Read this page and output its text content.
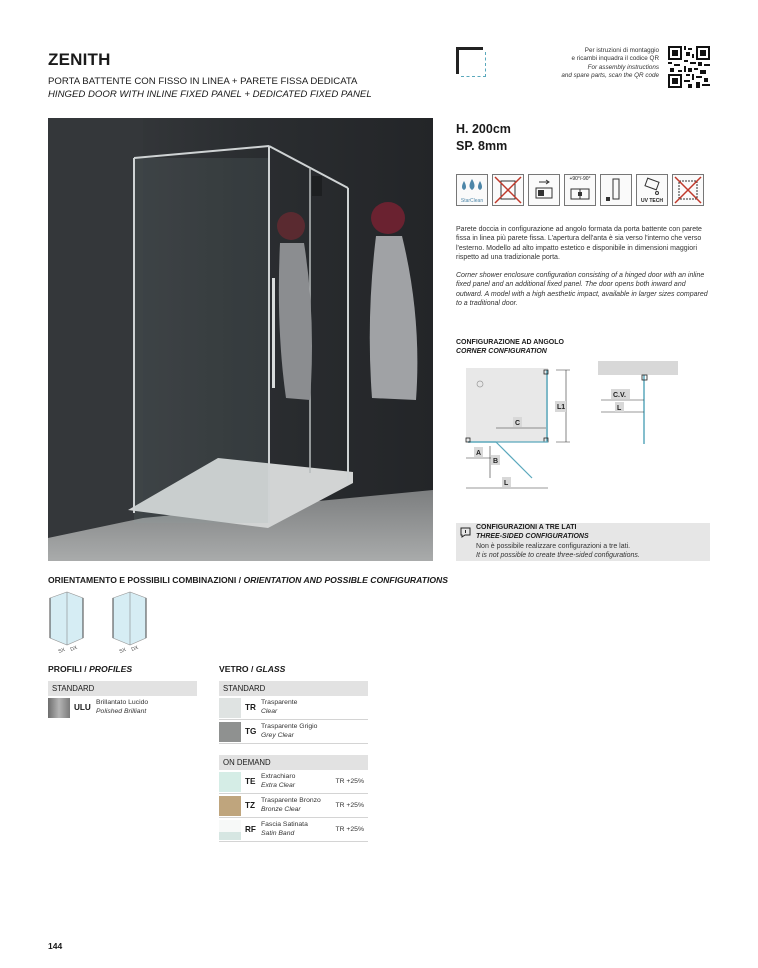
ZENITH
PORTA BATTENTE CON FISSO IN LINEA + PARETE FISSA DEDICATA
HINGED DOOR WITH INLINE FIXED PANEL + DEDICATED FIXED PANEL
Per istruzioni di montaggio
e ricambi inquadra il codice QR
For assembly instructions
and spare parts, scan the QR code
H. 200cm
SP. 8mm
StarClean
+90°/-90°
UV TECH
Parete doccia in configurazione ad angolo formata da porta battente con parete fissa in linea più parete fissa. L'apertura dell'anta è sia verso l'interno che verso l'esterno. Modello ad alto impatto estetico e disponibile in dimensioni maggiori rispetto ad una tradizionale porta.
Corner shower enclosure configuration consisting of a hinged door with an inline fixed panel and an additional fixed panel. The door opens both inward and outward. A model with a high aesthetic impact, available in larger sizes compared to a traditional door.
CONFIGURAZIONE AD ANGOLO
CORNER CONFIGURATION
L1
C
A
B
L
C.V.
L
CONFIGURAZIONI A TRE LATI
THREE-SIDED CONFIGURATIONS
Non è possibile realizzare configurazioni a tre lati.
It is not possible to create three-sided configurations.
ORIENTAMENTO E POSSIBILI COMBINAZIONI / ORIENTATION AND POSSIBLE CONFIGURATIONS
SX DX	SX DX
PROFILI / PROFILES
STANDARD
ULU
Brillantato Lucido
Polished Brilliant
VETRO / GLASS
STANDARD
TR
Trasparente
Clear
TG
Trasparente Grigio
Grey Clear
ON DEMAND
TE
Extrachiaro
Extra Clear
TR +25%
TZ
Trasparente Bronzo
Bronze Clear
TR +25%
RF
Fascia Satinata
Satin Band
TR +25%
144
